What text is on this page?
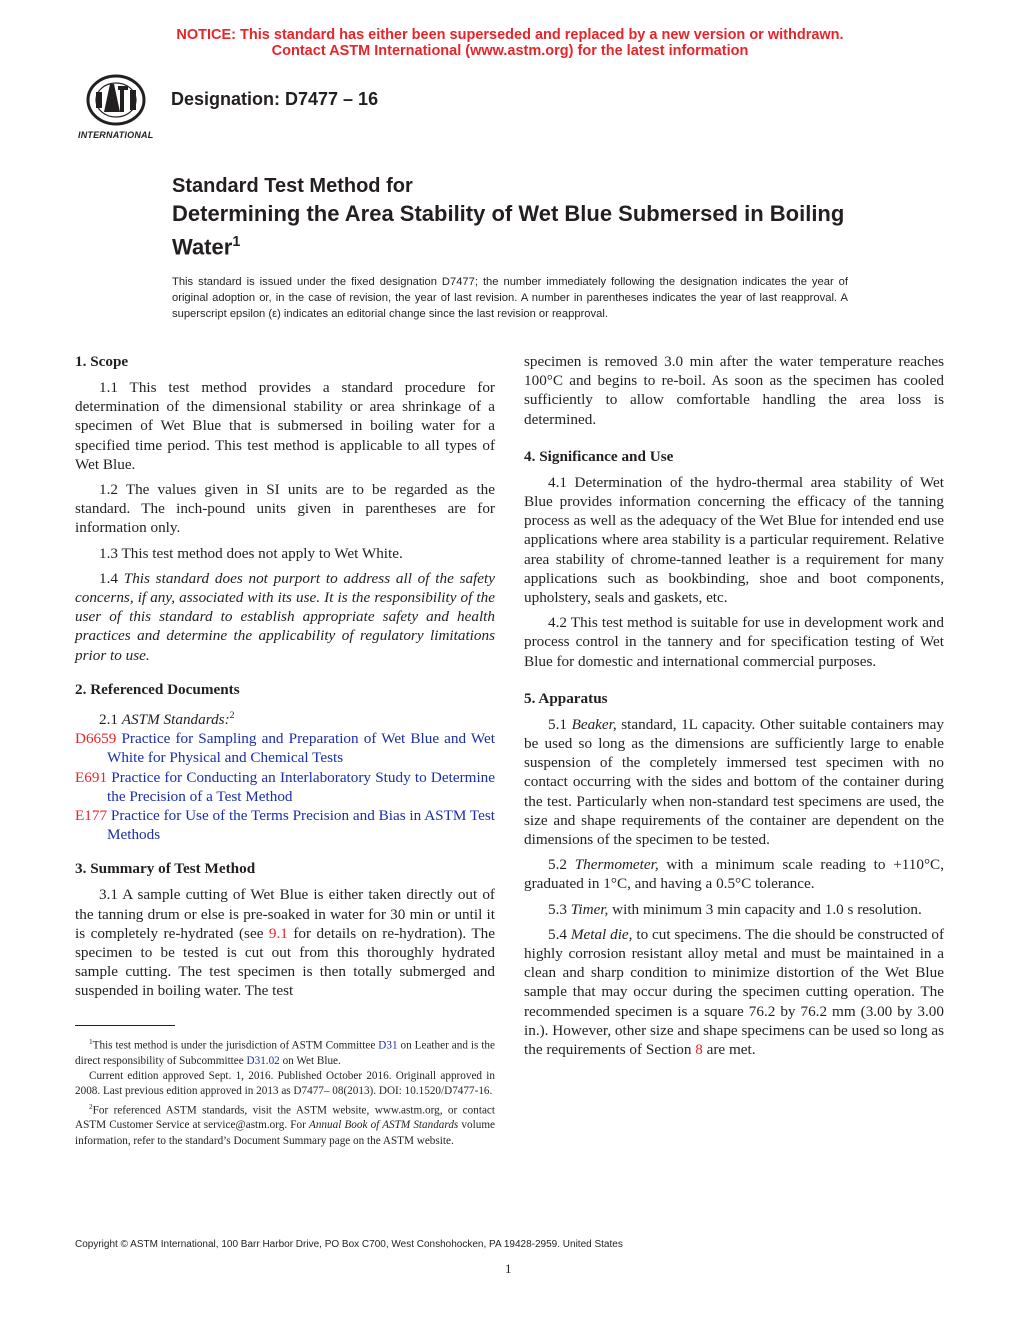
NOTICE: This standard has either been superseded and replaced by a new version or withdrawn.
Contact ASTM International (www.astm.org) for the latest information
INTERNATIONAL
Designation: D7477 – 16
Standard Test Method for
Determining the Area Stability of Wet Blue Submersed in Boiling Water$^1$
This standard is issued under the fixed designation D7477; the number immediately following the designation indicates the year of original adoption or, in the case of revision, the year of last revision. A number in parentheses indicates the year of last reapproval. A superscript epsilon (ε) indicates an editorial change since the last revision or reapproval.
1. Scope

1.1 This test method provides a standard procedure for determination of the dimensional stability or area shrinkage of a specimen of Wet Blue that is submersed in boiling water for a specified time period. This test method is applicable to all types of Wet Blue.

1.2 The values given in SI units are to be regarded as the standard. The inch-pound units given in parentheses are for information only.

1.3 This test method does not apply to Wet White.

1.4 This standard does not purport to address all of the safety concerns, if any, associated with its use. It is the responsibility of the user of this standard to establish appropriate safety and health practices and determine the applicability of regulatory limitations prior to use.

2. Referenced Documents

2.1 ASTM Standards:$^2$

D6659 Practice for Sampling and Preparation of Wet Blue and Wet White for Physical and Chemical Tests

E691 Practice for Conducting an Interlaboratory Study to Determine the Precision of a Test Method

E177 Practice for Use of the Terms Precision and Bias in ASTM Test Methods

3. Summary of Test Method

3.1 A sample cutting of Wet Blue is either taken directly out of the tanning drum or else is pre-soaked in water for 30 min or until it is completely re-hydrated (see 9.1 for details on re-hydration). The specimen to be tested is cut out from this thoroughly hydrated sample cutting. The test specimen is then totally submerged and suspended in boiling water. The test

$^1$This test method is under the jurisdiction of ASTM Committee D31 on Leather and is the direct responsibility of Subcommittee D31.02 on Wet Blue.

Current edition approved Sept. 1, 2016. Published October 2016. Originall approved in 2008. Last previous edition approved in 2013 as D7477– 08(2013). DOI: 10.1520/D7477-16.

$^2$For referenced ASTM standards, visit the ASTM website, www.astm.org, or contact ASTM Customer Service at service@astm.org. For Annual Book of ASTM Standards volume information, refer to the standard’s Document Summary page on the ASTM website.

specimen is removed 3.0 min after the water temperature reaches 100°C and begins to re-boil. As soon as the specimen has cooled sufficiently to allow comfortable handling the area loss is determined.

4. Significance and Use

4.1 Determination of the hydro-thermal area stability of Wet Blue provides information concerning the efficacy of the tanning process as well as the adequacy of the Wet Blue for intended end use applications where area stability is a particular requirement. Relative area stability of chrome-tanned leather is a requirement for many applications such as bookbinding, shoe and boot components, upholstery, seals and gaskets, etc.

4.2 This test method is suitable for use in development work and process control in the tannery and for specification testing of Wet Blue for domestic and international commercial purposes.

5. Apparatus

5.1 Beaker, standard, 1L capacity. Other suitable containers may be used so long as the dimensions are sufficiently large to enable suspension of the completely immersed test specimen with no contact occurring with the sides and bottom of the container during the test. Particularly when non-standard test specimens are used, the size and shape requirements of the container are dependent on the dimensions of the specimen to be tested.

5.2 Thermometer, with a minimum scale reading to +110°C, graduated in 1°C, and having a 0.5°C tolerance.

5.3 Timer, with minimum 3 min capacity and 1.0 s resolution.

5.4 Metal die, to cut specimens. The die should be constructed of highly corrosion resistant alloy metal and must be maintained in a clean and sharp condition to minimize distortion of the Wet Blue sample that may occur during the specimen cutting operation. The recommended specimen is a square 76.2 by 76.2 mm (3.00 by 3.00 in.). However, other size and shape specimens can be used so long as the requirements of Section 8 are met.

Copyright © ASTM International, 100 Barr Harbor Drive, PO Box C700, West Conshohocken, PA 19428-2959. United States
1
